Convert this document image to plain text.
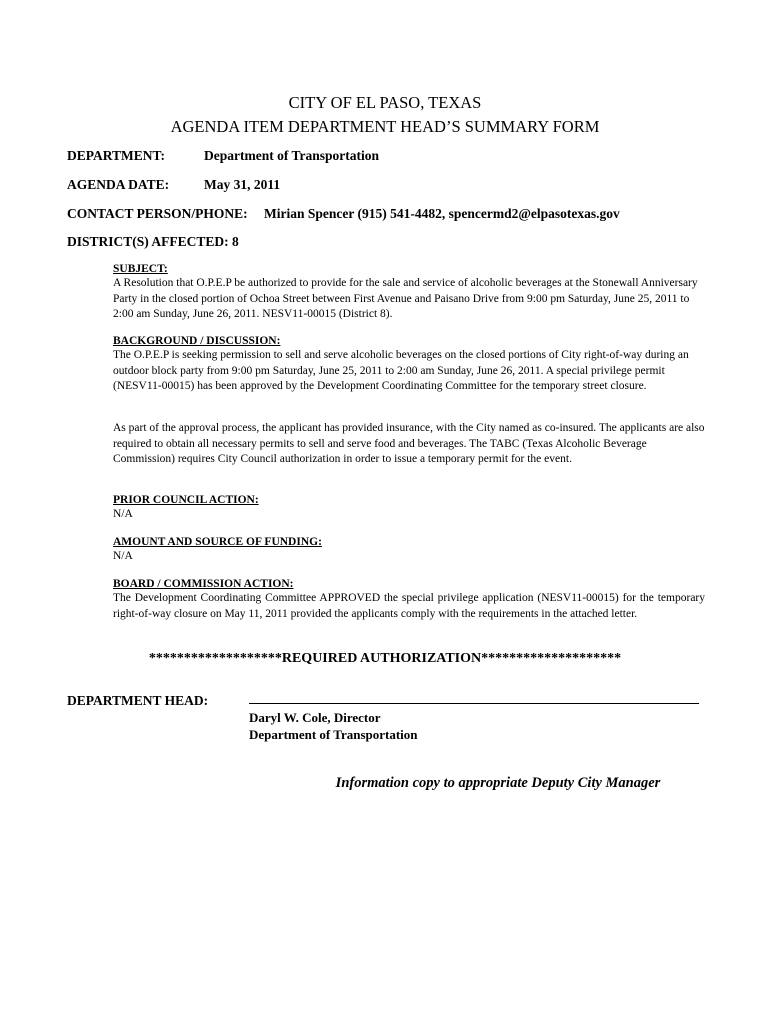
CITY OF EL PASO, TEXAS
AGENDA ITEM DEPARTMENT HEAD’S SUMMARY FORM
DEPARTMENT:	Department of Transportation
AGENDA DATE:	May 31, 2011
CONTACT PERSON/PHONE: Mirian Spencer (915) 541-4482, spencermd2@elpasotexas.gov
DISTRICT(S) AFFECTED: 8
SUBJECT:
A Resolution that O.P.E.P be authorized to provide for the sale and service of alcoholic beverages at the Stonewall Anniversary Party in the closed portion of Ochoa Street between First Avenue and Paisano Drive from 9:00 pm Saturday, June 25, 2011 to 2:00 am Sunday, June 26, 2011. NESV11-00015 (District 8).
BACKGROUND / DISCUSSION:
The O.P.E.P is seeking permission to sell and serve alcoholic beverages on the closed portions of City right-of-way during an outdoor block party from 9:00 pm Saturday, June 25, 2011 to 2:00 am Sunday, June 26, 2011. A special privilege permit (NESV11-00015) has been approved by the Development Coordinating Committee for the temporary street closure.
As part of the approval process, the applicant has provided insurance, with the City named as co-insured. The applicants are also required to obtain all necessary permits to sell and serve food and beverages. The TABC (Texas Alcoholic Beverage Commission) requires City Council authorization in order to issue a temporary permit for the event.
PRIOR COUNCIL ACTION:
N/A
AMOUNT AND SOURCE OF FUNDING:
N/A
BOARD / COMMISSION ACTION:
The Development Coordinating Committee APPROVED the special privilege application (NESV11-00015) for the temporary right-of-way closure on May 11, 2011 provided the applicants comply with the requirements in the attached letter.
*******************REQUIRED AUTHORIZATION********************
DEPARTMENT HEAD:
Daryl W. Cole, Director
Department of Transportation
Information copy to appropriate Deputy City Manager
